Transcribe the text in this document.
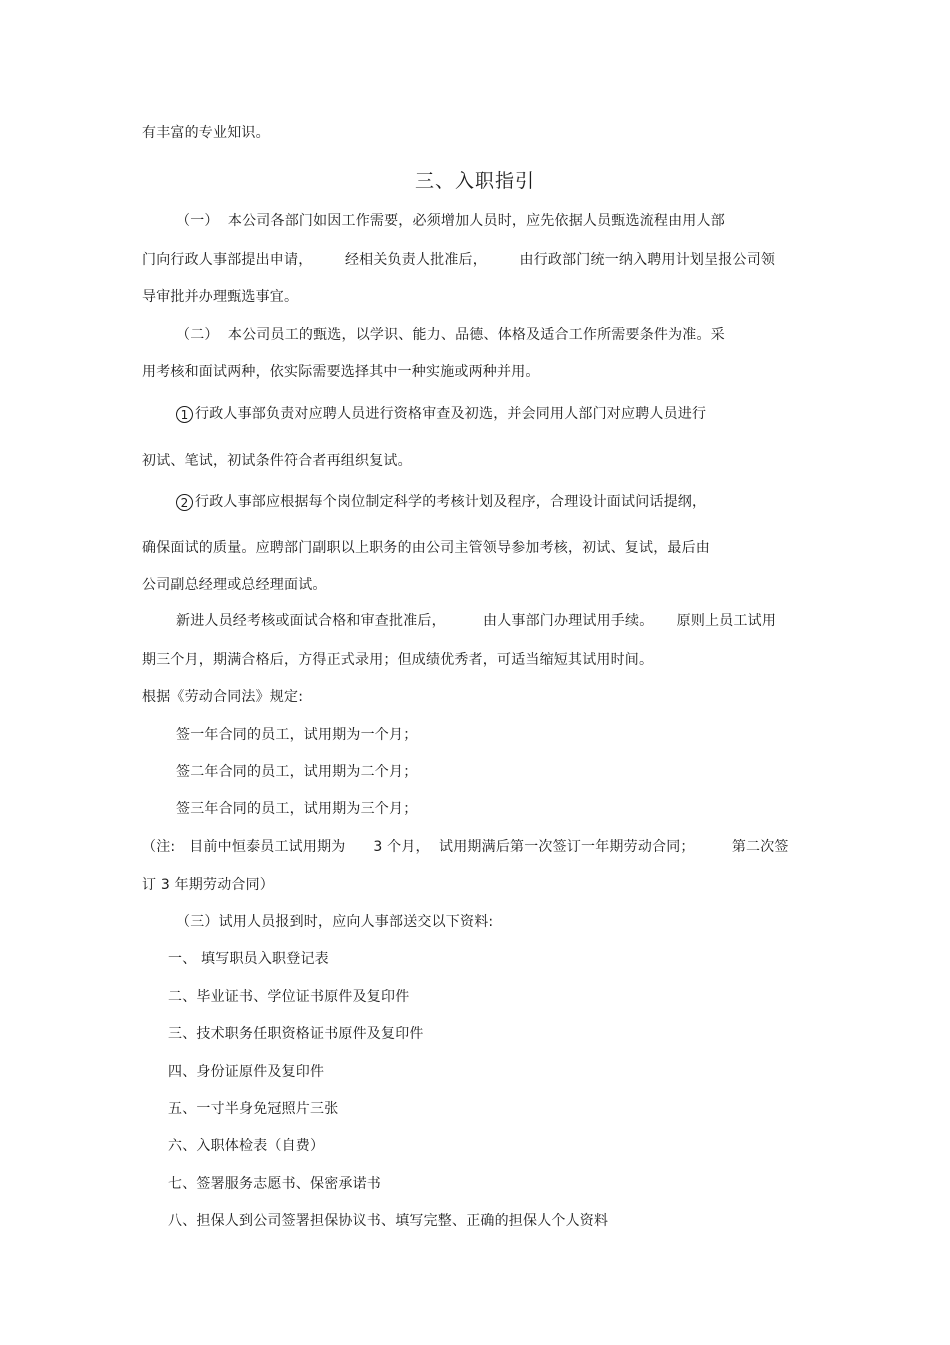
有丰富的专业知识。
三、入职指引
（一）  本公司各部门如因工作需要，必须增加人员时，应先依据人员甄选流程由用人部
门向行政人事部提出申请，       经相关负责人批准后，       由行政部门统一纳入聘用计划呈报公司领
导审批并办理甄选事宜。
（二）  本公司员工的甄选，以学识、能力、品德、体格及适合工作所需要条件为准。采
用考核和面试两种，依实际需要选择其中一种实施或两种并用。
1 行政人事部负责对应聘人员进行资格审查及初选，并会同用人部门对应聘人员进行
初试、笔试，初试条件符合者再组织复试。
2 行政人事部应根据每个岗位制定科学的考核计划及程序，合理设计面试问话提纲，
确保面试的质量。应聘部门副职以上职务的由公司主管领导参加考核，初试、复试，最后由
公司副总经理或总经理面试。
新进人员经考核或面试合格和审查批准后，        由人事部门办理试用手续。     原则上员工试用
期三个月，期满合格后，方得正式录用；但成绩优秀者，可适当缩短其试用时间。
根据《劳动合同法》规定:
签一年合同的员工，试用期为一个月；
签二年合同的员工，试用期为二个月；
签三年合同的员工，试用期为三个月；
（注:   目前中恒泰员工试用期为      3 个月，  试用期满后第一次签订一年期劳动合同；        第二次签
订 3 年期劳动合同）
（三）试用人员报到时，应向人事部送交以下资料:
一、 填写职员入职登记表
二、毕业证书、学位证书原件及复印件
三、技术职务任职资格证书原件及复印件
四、身份证原件及复印件
五、一寸半身免冠照片三张
六、入职体检表（自费）
七、签署服务志愿书、保密承诺书
八、担保人到公司签署担保协议书、填写完整、正确的担保人个人资料
